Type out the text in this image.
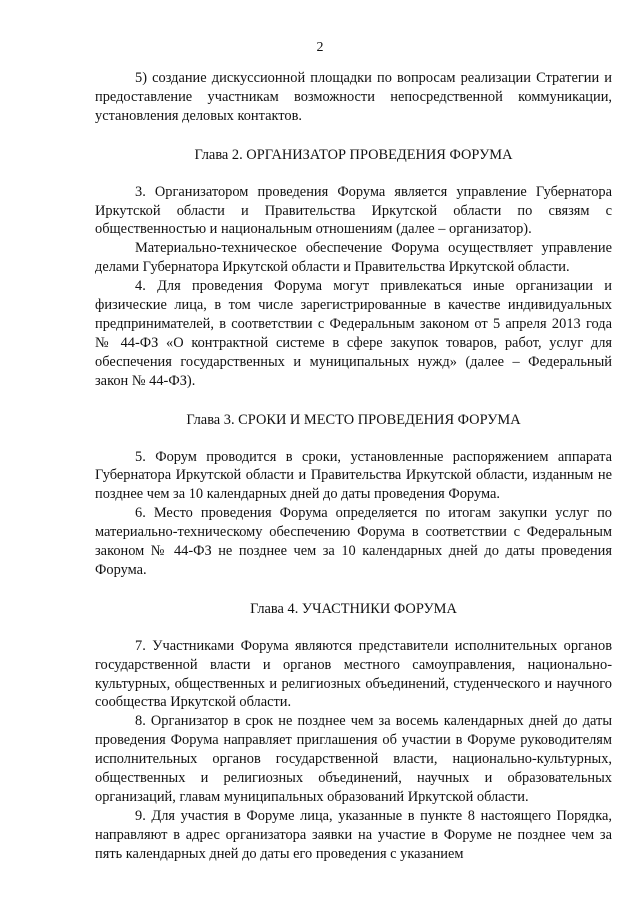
2

5) создание дискуссионной площадки по вопросам реализации Стратегии и предоставление участникам возможности непосредственной коммуникации, установления деловых контактов.

Глава 2. ОРГАНИЗАТОР ПРОВЕДЕНИЯ ФОРУМА

3. Организатором проведения Форума является управление Губернатора Иркутской области и Правительства Иркутской области по связям с общественностью и национальным отношениям (далее – организатор).

Материально-техническое обеспечение Форума осуществляет управление делами Губернатора Иркутской области и Правительства Иркутской области.

4. Для проведения Форума могут привлекаться иные организации и физические лица, в том числе зарегистрированные в качестве индивидуальных предпринимателей, в соответствии с Федеральным законом от 5 апреля 2013 года № 44-ФЗ «О контрактной системе в сфере закупок товаров, работ, услуг для обеспечения государственных и муниципальных нужд» (далее – Федеральный закон № 44-ФЗ).

Глава 3. СРОКИ И МЕСТО ПРОВЕДЕНИЯ ФОРУМА

5. Форум проводится в сроки, установленные распоряжением аппарата Губернатора Иркутской области и Правительства Иркутской области, изданным не позднее чем за 10 календарных дней до даты проведения Форума.

6. Место проведения Форума определяется по итогам закупки услуг по материально-техническому обеспечению Форума в соответствии с Федеральным законом № 44-ФЗ не позднее чем за 10 календарных дней до даты проведения Форума.

Глава 4. УЧАСТНИКИ ФОРУМА

7. Участниками Форума являются представители исполнительных органов государственной власти и органов местного самоуправления, национально-культурных, общественных и религиозных объединений, студенческого и научного сообщества Иркутской области.

8. Организатор в срок не позднее чем за восемь календарных дней до даты проведения Форума направляет приглашения об участии в Форуме руководителям исполнительных органов государственной власти, национально-культурных, общественных и религиозных объединений, научных и образовательных организаций, главам муниципальных образований Иркутской области.

9. Для участия в Форуме лица, указанные в пункте 8 настоящего Порядка, направляют в адрес организатора заявки на участие в Форуме не позднее чем за пять календарных дней до даты его проведения с указанием
